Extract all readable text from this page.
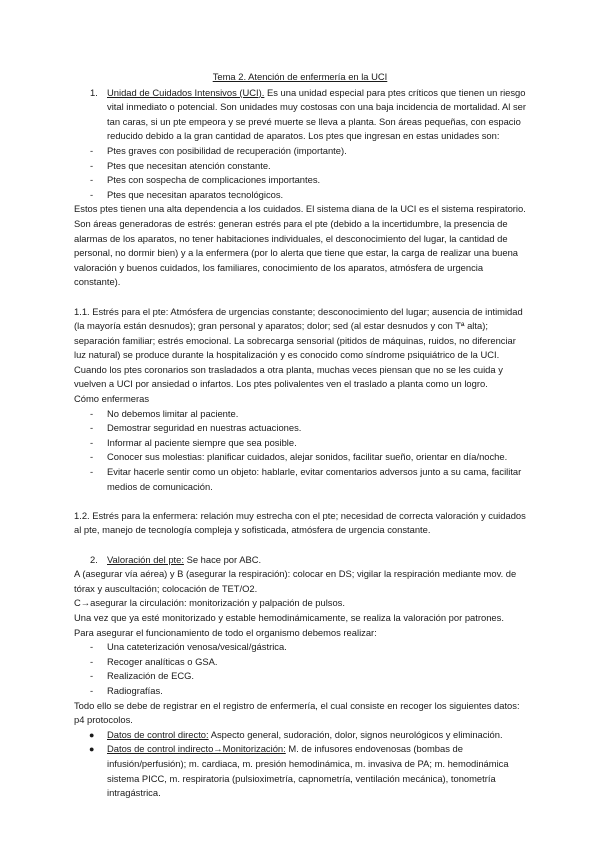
Tema 2. Atención de enfermería en la UCI

1. Unidad de Cuidados Intensivos (UCI). Es una unidad especial para ptes críticos que tienen un riesgo vital inmediato o potencial. Son unidades muy costosas con una baja incidencia de mortalidad. Al ser tan caras, si un pte empeora y se prevé muerte se lleva a planta. Son áreas pequeñas, con espacio reducido debido a la gran cantidad de aparatos. Los ptes que ingresan en estas unidades son:

- Ptes graves con posibilidad de recuperación (importante).
- Ptes que necesitan atención constante.
- Ptes con sospecha de complicaciones importantes.
- Ptes que necesitan aparatos tecnológicos.

Estos ptes tienen una alta dependencia a los cuidados. El sistema diana de la UCI es el sistema respiratorio. Son áreas generadoras de estrés: generan estrés para el pte (debido a la incertidumbre, la presencia de alarmas de los aparatos, no tener habitaciones individuales, el desconocimiento del lugar, la cantidad de personal, no dormir bien) y a la enfermera (por lo alerta que tiene que estar, la carga de realizar una buena valoración y buenos cuidados, los familiares, conocimiento de los aparatos, atmósfera de urgencia constante).

1.1. Estrés para el pte: Atmósfera de urgencias constante; desconocimiento del lugar; ausencia de intimidad (la mayoría están desnudos); gran personal y aparatos; dolor; sed (al estar desnudos y con Tª alta); separación familiar; estrés emocional. La sobrecarga sensorial (pitidos de máquinas, ruidos, no diferenciar luz natural) se produce durante la hospitalización y es conocido como síndrome psiquiátrico de la UCI. Cuando los ptes coronarios son trasladados a otra planta, muchas veces piensan que no se les cuida y vuelven a UCI por ansiedad o infartos. Los ptes polivalentes ven el traslado a planta como un logro.

Cómo enfermeras

- No debemos limitar al paciente.
- Demostrar seguridad en nuestras actuaciones.
- Informar al paciente siempre que sea posible.
- Conocer sus molestias: planificar cuidados, alejar sonidos, facilitar sueño, orientar en día/noche.
- Evitar hacerle sentir como un objeto: hablarle, evitar comentarios adversos junto a su cama, facilitar medios de comunicación.

1.2. Estrés para la enfermera: relación muy estrecha con el pte; necesidad de correcta valoración y cuidados al pte, manejo de tecnología compleja y sofisticada, atmósfera de urgencia constante.

2. Valoración del pte: Se hace por ABC.

A (asegurar vía aérea) y B (asegurar la respiración): colocar en DS; vigilar la respiración mediante mov. de tórax y auscultación; colocación de TET/O2.

C→asegurar la circulación: monitorización y palpación de pulsos.

Una vez que ya esté monitorizado y estable hemodinámicamente, se realiza la valoración por patrones. Para asegurar el funcionamiento de todo el organismo debemos realizar:

- Una cateterización venosa/vesical/gástrica.
- Recoger analíticas o GSA.
- Realización de ECG.
- Radiografías.

Todo ello se debe de registrar en el registro de enfermería, el cual consiste en recoger los siguientes datos: p4 protocolos.

● Datos de control directo: Aspecto general, sudoración, dolor, signos neurológicos y eliminación.
● Datos de control indirecto→Monitorización: M. de infusores endovenosas (bombas de infusión/perfusión); m. cardiaca, m. presión hemodinámica, m. invasiva de PA; m. hemodinámica sistema PICC, m. respiratoria (pulsioximetría, capnometría, ventilación mecánica), tonometría intragástrica.
